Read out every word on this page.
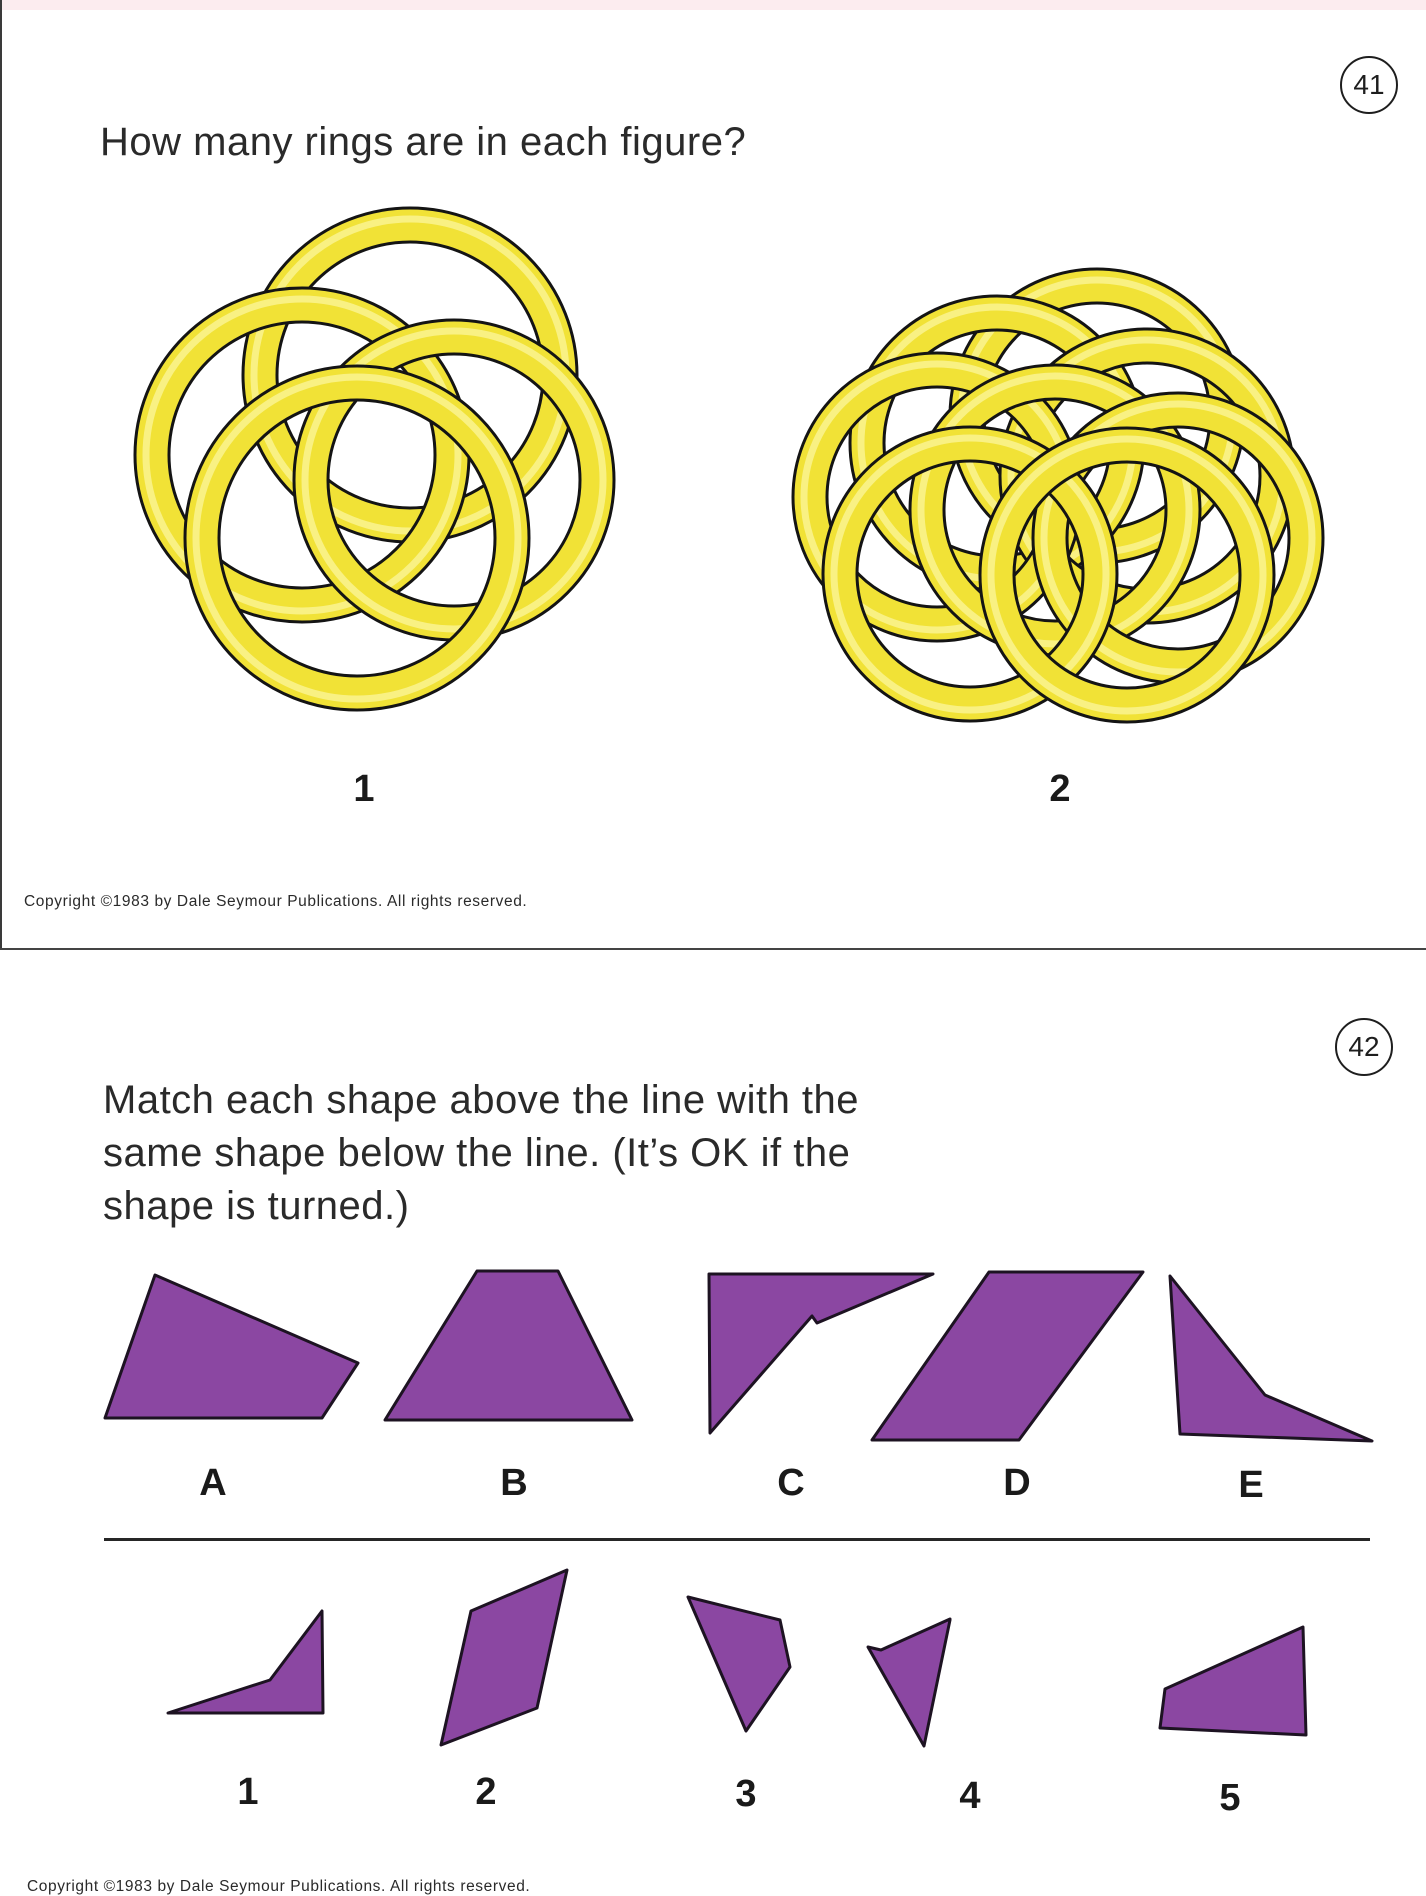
41
How many rings are in each figure?
1	2
Copyright ©1983 by Dale Seymour Publications. All rights reserved.
42

Match each shape above the line with the
same shape below the line. (It’s OK if the
shape is turned.)

A	B	C	D	E
1	2	3	4	5
Copyright ©1983 by Dale Seymour Publications. All rights reserved.
